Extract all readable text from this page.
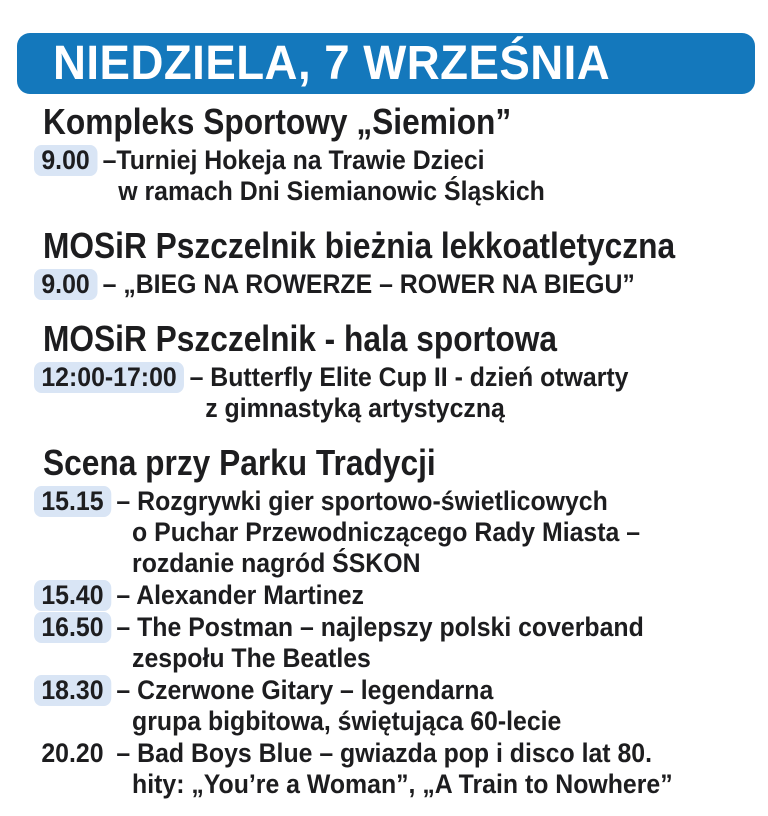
NIEDZIELA, 7 WRZEŚNIA
Kompleks Sportowy „Siemion”
9.00 –Turniej Hokeja na Trawie Dzieci
w ramach Dni Siemianowic Śląskich
MOSiR Pszczelnik bieżnia lekkoatletyczna
9.00 – „BIEG NA ROWERZE – ROWER NA BIEGU”
MOSiR Pszczelnik - hala sportowa
12:00-17:00 – Butterfly Elite Cup II - dzień otwarty
z gimnastyką artystyczną
Scena przy Parku Tradycji
15.15 – Rozgrywki gier sportowo-świetlicowych
o Puchar Przewodniczącego Rady Miasta –
rozdanie nagród ŚSKON
15.40 – Alexander Martinez
16.50 – The Postman – najlepszy polski coverband
zespołu The Beatles
18.30 – Czerwone Gitary – legendarna
grupa bigbitowa, świętująca 60-lecie
20.20 – Bad Boys Blue – gwiazda pop i disco lat 80.
hity: „You’re a Woman”, „A Train to Nowhere”
